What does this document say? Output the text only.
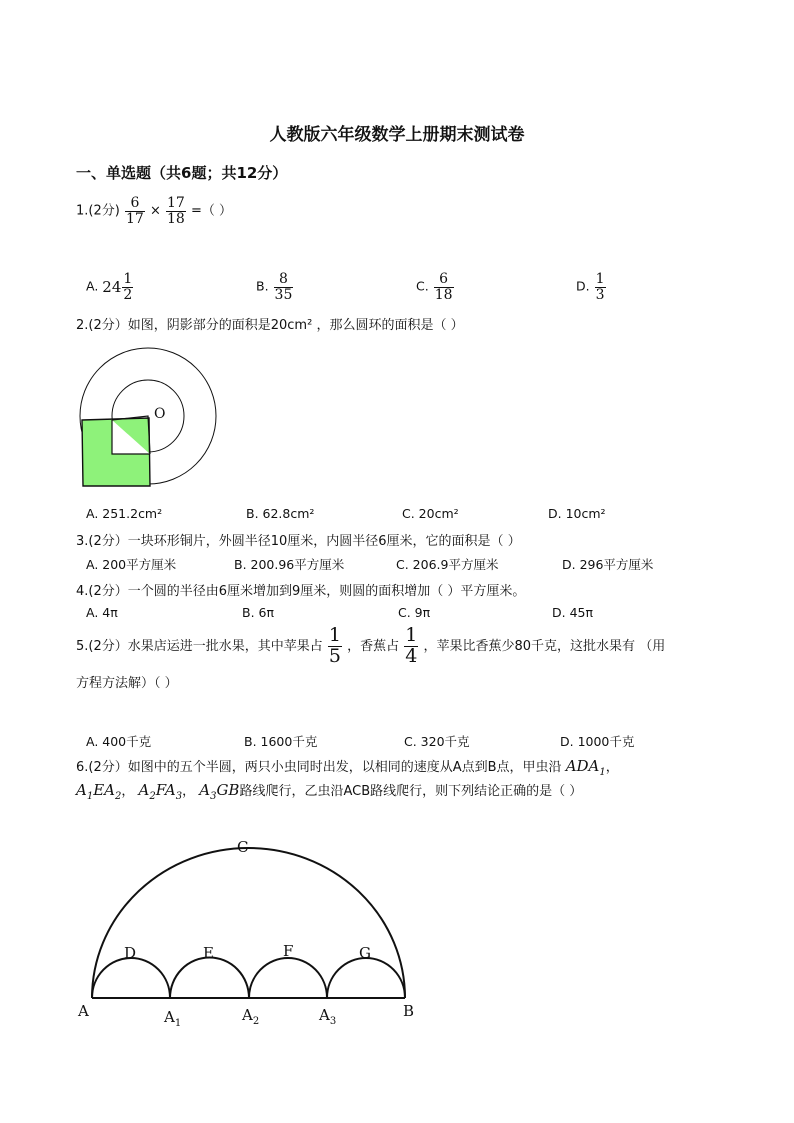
人教版六年级数学上册期末测试卷
一、单选题（共6题；共12分）
1.(2分) $\frac{6}{17} \times \frac{17}{18}$ =（ ）
A. $24 \frac{1}{2}$	B. $\frac{8}{35}$	C. $\frac{6}{18}$	D. $\frac{1}{3}$
2.(2分）如图，阴影部分的面积是20cm² ，那么圆环的面积是（ ）
O
A. 251.2cm²	B. 62.8cm²	C. 20cm²	D. 10cm²
3.(2分）一块环形铜片，外圆半径10厘米，内圆半径6厘米，它的面积是（ ）
A. 200平方厘米	B. 200.96平方厘米	C. 206.9平方厘米	D. 296平方厘米
4.(2分）一个圆的半径由6厘米增加到9厘米，则圆的面积增加（ ）平方厘米。
A. 4π	B. 6π	C. 9π	D. 45π
5.(2分）水果店运进一批水果，其中苹果占 $\frac{1}{5}$ ，香蕉占 $\frac{1}{4}$ ，苹果比香蕉少80千克，这批水果有 （用
方程方法解）（ ）
A. 400千克	B. 1600千克	C. 320千克	D. 1000千克
6.(2分）如图中的五个半圆，两只小虫同时出发，以相同的速度从A点到B点，甲虫沿 $ADA_1$，
$A_1EA_2$， $A_2FA_3$， $A_3GB$路线爬行，乙虫沿ACB路线爬行，则下列结论正确的是（ ）
C
D	E	F	G
A	$A_1$	$A_2$	$A_3$
B
